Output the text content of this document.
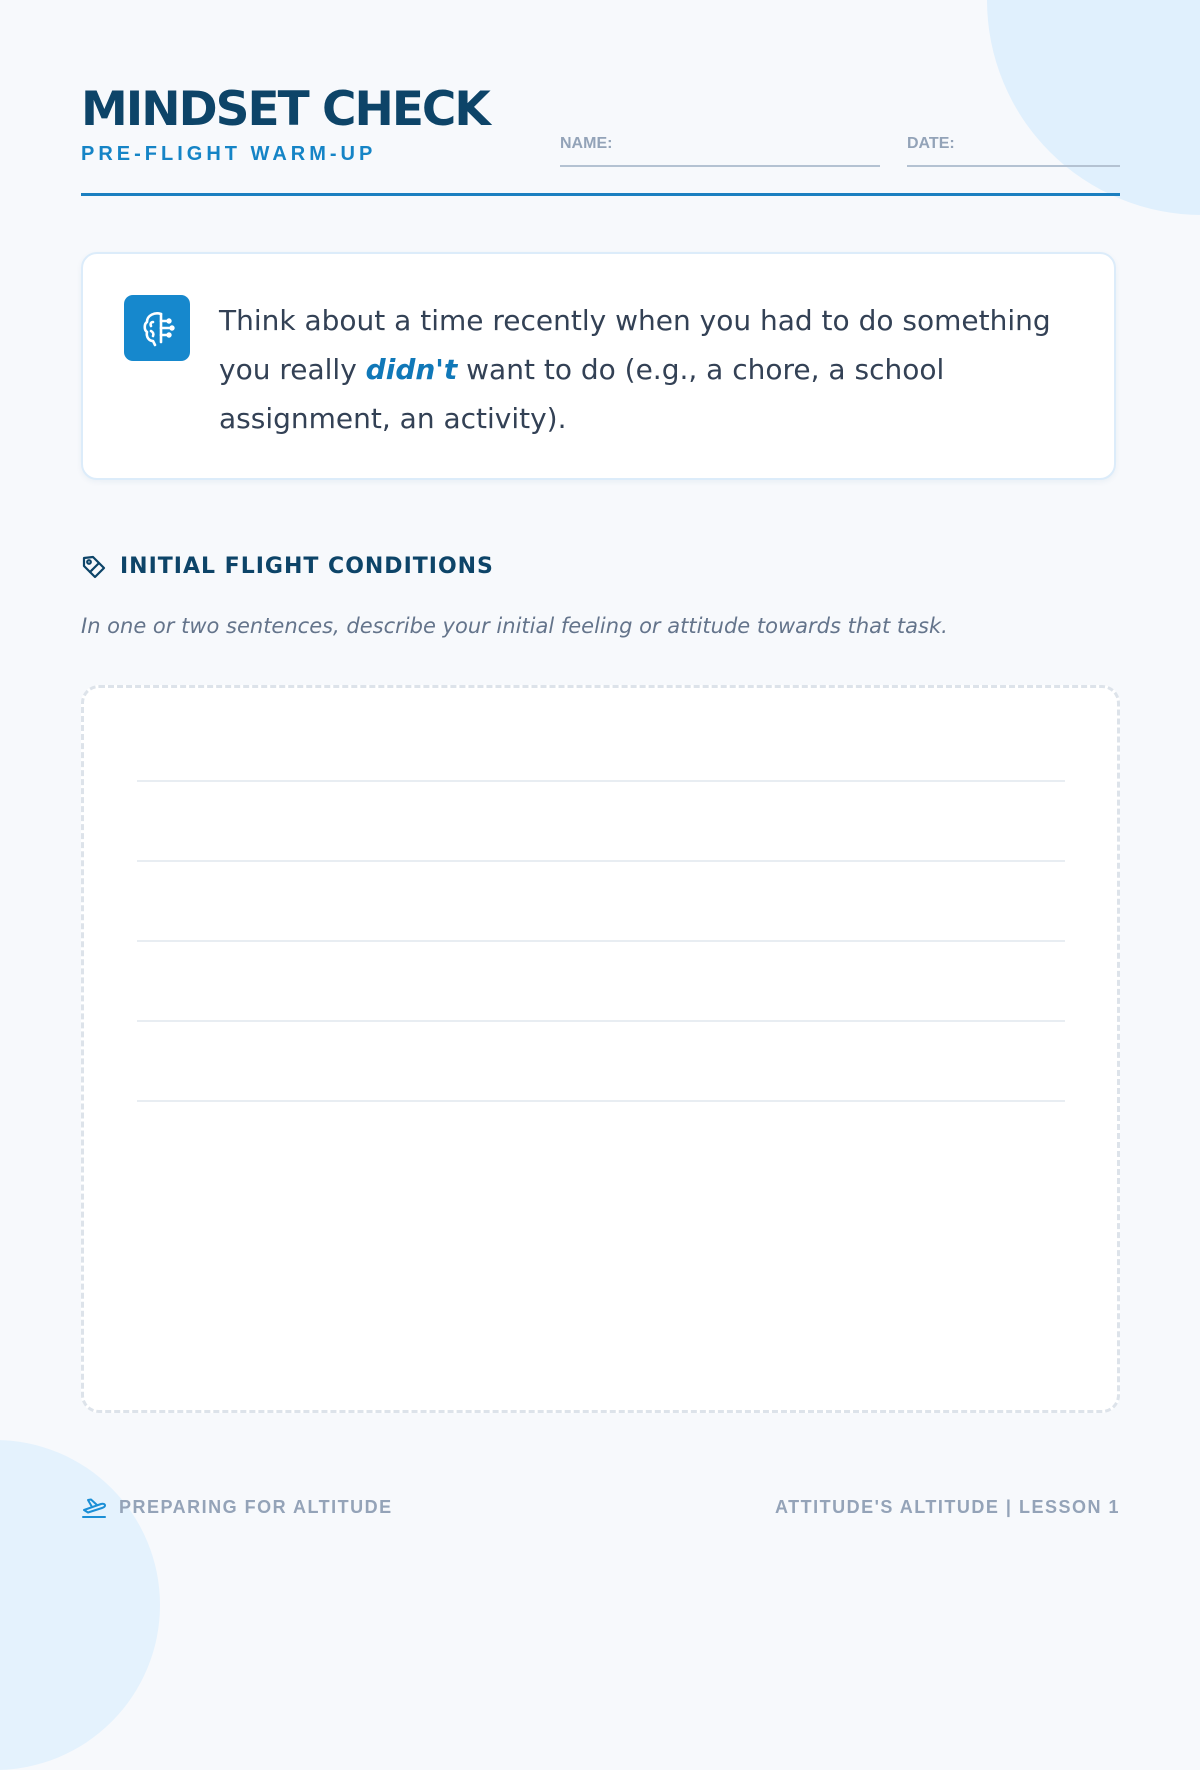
MINDSET CHECK
PRE-FLIGHT WARM-UP	NAME:	DATE:

Think about a time recently when you had to do something you really didn't want to do (e.g., a chore, a school assignment, an activity).

INITIAL FLIGHT CONDITIONS

In one or two sentences, describe your initial feeling or attitude towards that task.

PREPARING FOR ALTITUDE	ATTITUDE'S ALTITUDE | LESSON 1
